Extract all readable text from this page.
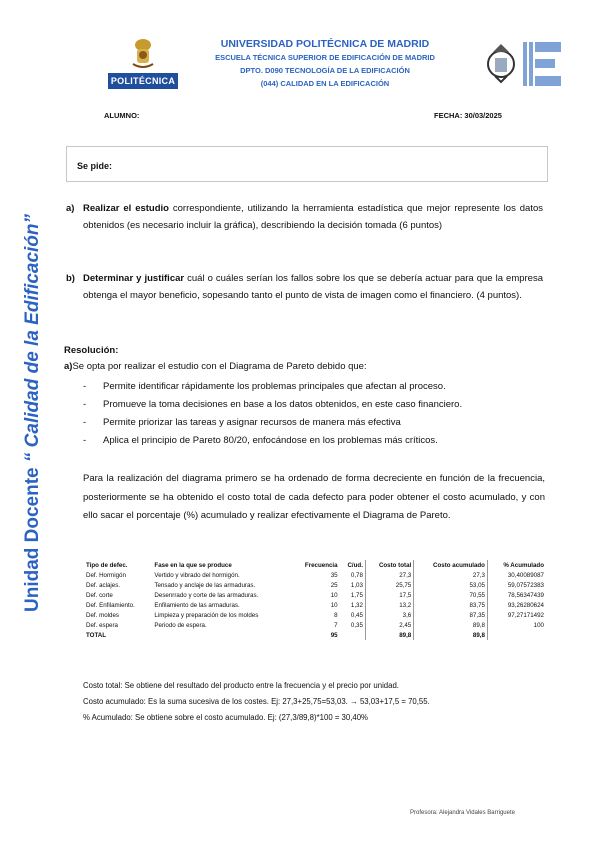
POLITÉCNICA
UNIVERSIDAD POLITÉCNICA DE MADRID
ESCUELA TÉCNICA SUPERIOR DE EDIFICACIÓN DE MADRID
DPTO. D090 TECNOLOGÍA DE LA EDIFICACIÓN
(044) CALIDAD EN LA EDIFICACIÓN
ALUMNO:	FECHA: 30/03/2025
Unidad Docente “ Calidad de la Edificación”
Se pide:
a) Realizar el estudio correspondiente, utilizando la herramienta estadística que mejor represente los datos obtenidos (es necesario incluir la gráfica), describiendo la decisión tomada (6 puntos)
b) Determinar y justificar cuál o cuáles serían los fallos sobre los que se debería actuar para que la empresa obtenga el mayor beneficio, sopesando tanto el punto de vista de imagen como el financiero. (4 puntos).
Resolución:
a)Se opta por realizar el estudio con el Diagrama de Pareto debido que:
- Permite identificar rápidamente los problemas principales que afectan al proceso.
- Promueve la toma decisiones en base a los datos obtenidos, en este caso financiero.
- Permite priorizar las tareas y asignar recursos de manera más efectiva
- Aplica el principio de Pareto 80/20, enfocándose en los problemas más críticos.
Para la realización del diagrama primero se ha ordenado de forma decreciente en función de la frecuencia, posteriormente se ha obtenido el costo total de cada defecto para poder obtener el costo acumulado, y con ello sacar el porcentaje (%) acumulado y realizar efectivamente el Diagrama de Pareto.
Tipo de defec.	Fase en la que se produce	Frecuencia	C/ud.	Costo total	Costo acumulado	% Acumulado
Def. Hormigón	Vertido y vibrado del hormigón.	35	0,78	27,3	27,3	30,40089087
Def. aclajes.	Tensado y anclaje de las armaduras.	25	1,03	25,75	53,05	59,07572383
Def. corte	Desenrrado y corte de las armaduras.	10	1,75	17,5	70,55	78,56347439
Def. Enfilamiento.	Enfilamiento de las armaduras.	10	1,32	13,2	83,75	93,26280624
Def. moldes	Limpieza y preparación de los moldes	8	0,45	3,6	87,35	97,27171492
Def. espera	Periodo de espera.	7	0,35	2,45	89,8	100
TOTAL		95		89,8	89,8	
Costo total: Se obtiene del resultado del producto entre la frecuencia y el precio por unidad.
Costo acumulado: Es la suma sucesiva de los costes. Ej: 27,3+25,75=53,03. → 53,03+17,5 = 70,55.
% Acumulado: Se obtiene sobre el costo acumulado. Ej: (27,3/89,8)*100 = 30,40%
Profesora: Alejandra Vidales Barriguete
